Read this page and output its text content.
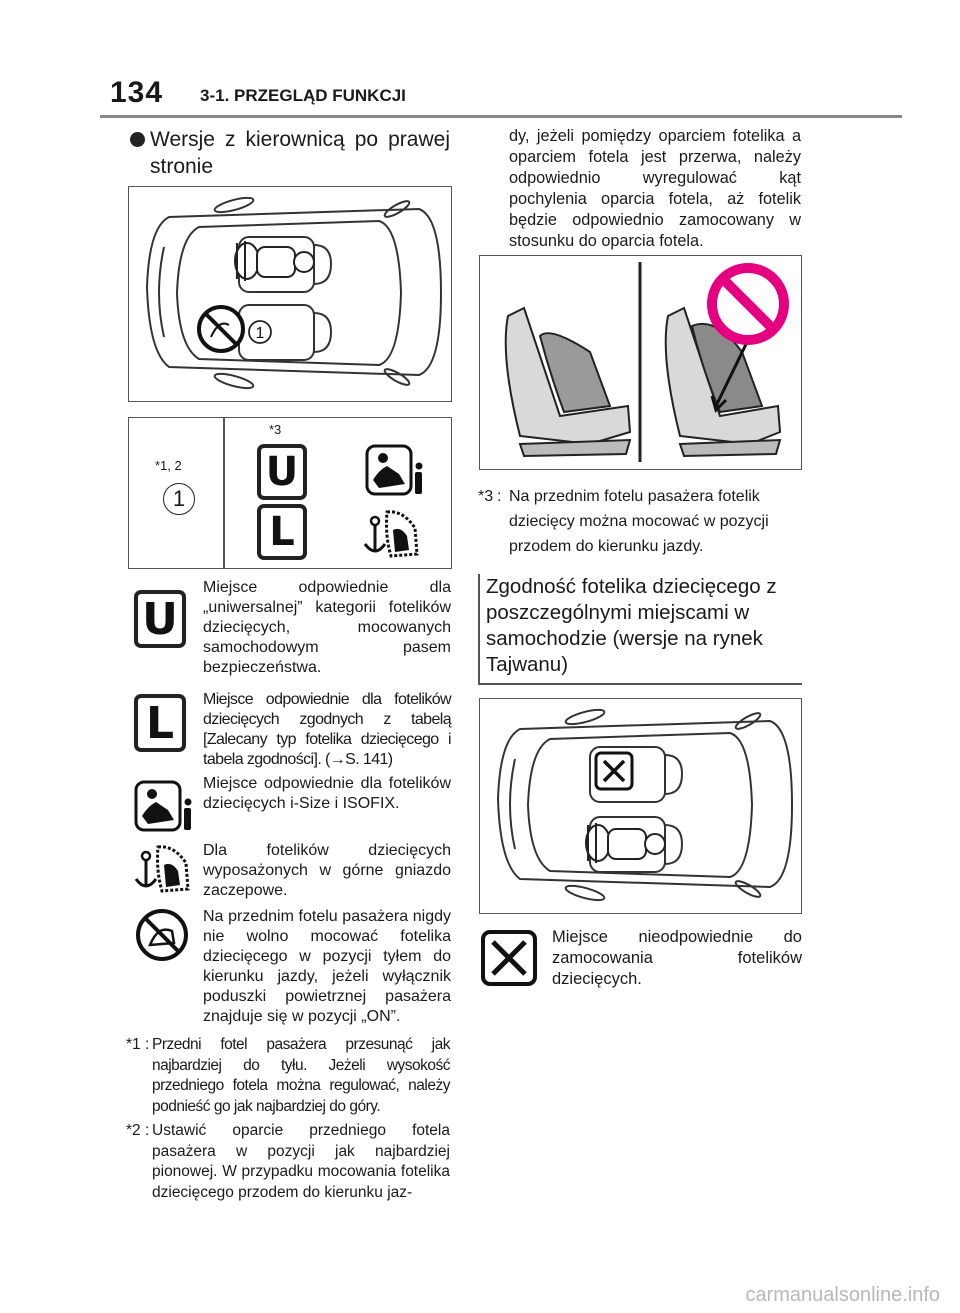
134 3-1. PRZEGLĄD FUNKCJI
Wersje z kierownicą po prawej stronie
1
*1, 2
1
*3
U
L
U
Miejsce odpowiednie dla „uniwersalnej” kategorii fotelików dziecięcych, mocowanych samochodowym pasem bezpieczeństwa.
L	Miejsce odpowiednie dla fotelików dziecięcych zgodnych z tabelą [Zalecany typ fotelika dziecięcego i tabela zgodności]. (→S. 141)
Miejsce odpowiednie dla fotelików dziecięcych i-Size i ISOFIX.
Dla fotelików dziecięcych wyposażonych w górne gniazdo zaczepowe.
Na przednim fotelu pasażera nigdy nie wolno mocować fotelika dziecięcego w pozycji tyłem do kierunku jazdy, jeżeli wyłącznik poduszki powietrznej pasażera znajduje się w pozycji „ON”.
*1 : Przedni fotel pasażera przesunąć jak najbardziej do tyłu. Jeżeli wysokość przedniego fotela można regulować, należy podnieść go jak najbardziej do góry.
*2 : Ustawić oparcie przedniego fotela pasażera w pozycji jak najbardziej pionowej. W przypadku mocowania fotelika dziecięcego przodem do kierunku jaz-
dy, jeżeli pomiędzy oparciem fotelika a oparciem fotela jest przerwa, należy odpowiednio wyregulować kąt pochylenia oparcia fotela, aż fotelik będzie odpowiednio zamocowany w stosunku do oparcia fotela.
*3 : Na przednim fotelu pasażera fotelik dziecięcy można mocować w pozycji przodem do kierunku jazdy.
Zgodność fotelika dziecięcego z poszczególnymi miejscami w samochodzie (wersje na rynek Tajwanu)
Miejsce nieodpowiednie do zamocowania fotelików dziecięcych.
carmanualsonline.info
